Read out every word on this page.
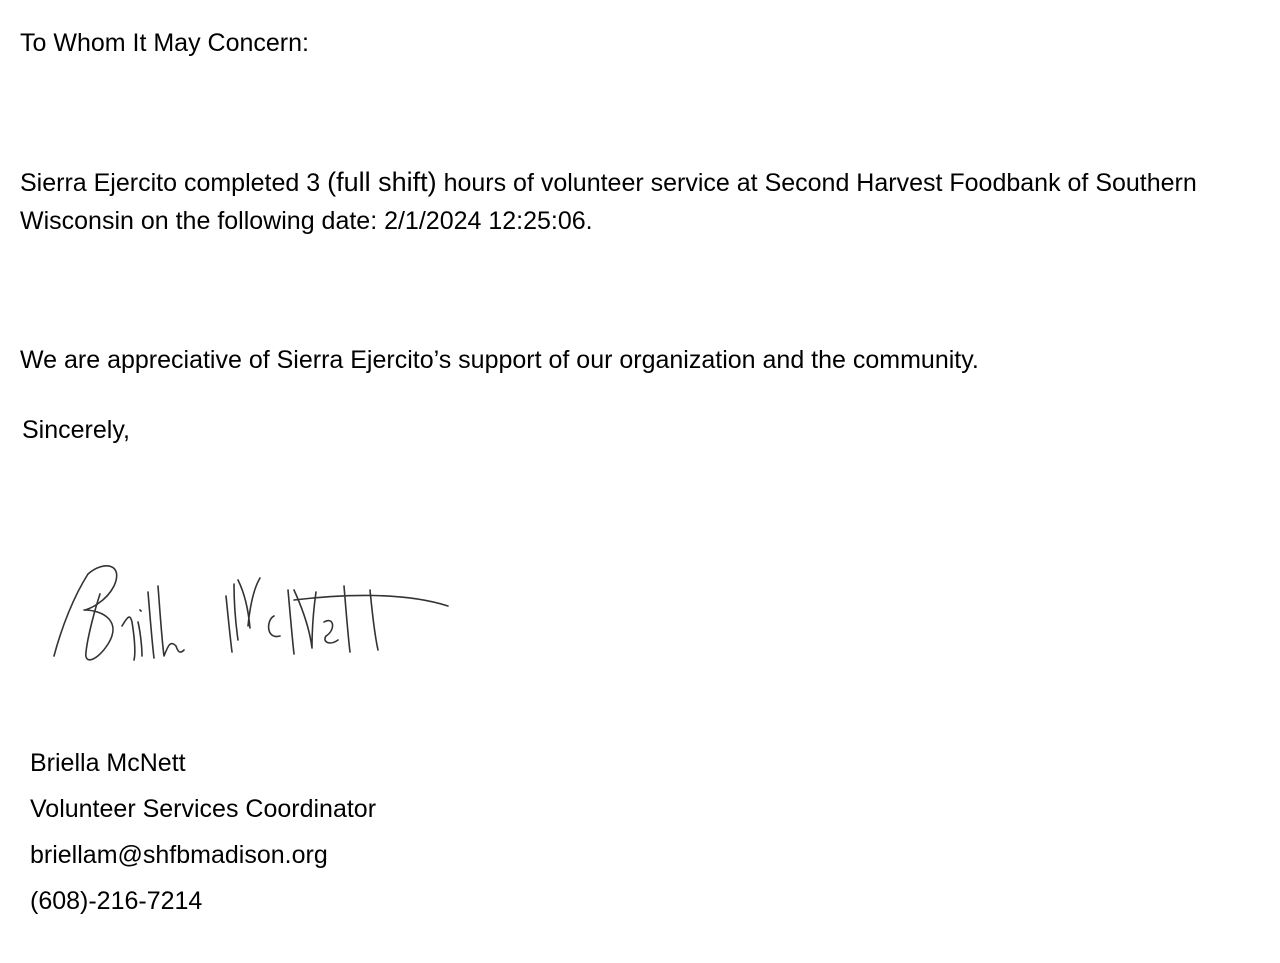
To Whom It May Concern:

Sierra Ejercito completed 3 (full shift) hours of volunteer service at Second Harvest Foodbank of Southern Wisconsin on the following date: 2/1/2024 12:25:06.

We are appreciative of Sierra Ejercito’s support of our organization and the community.

Sincerely,

Briella McNett

Volunteer Services Coordinator

briellam@shfbmadison.org

(608)-216-7214
